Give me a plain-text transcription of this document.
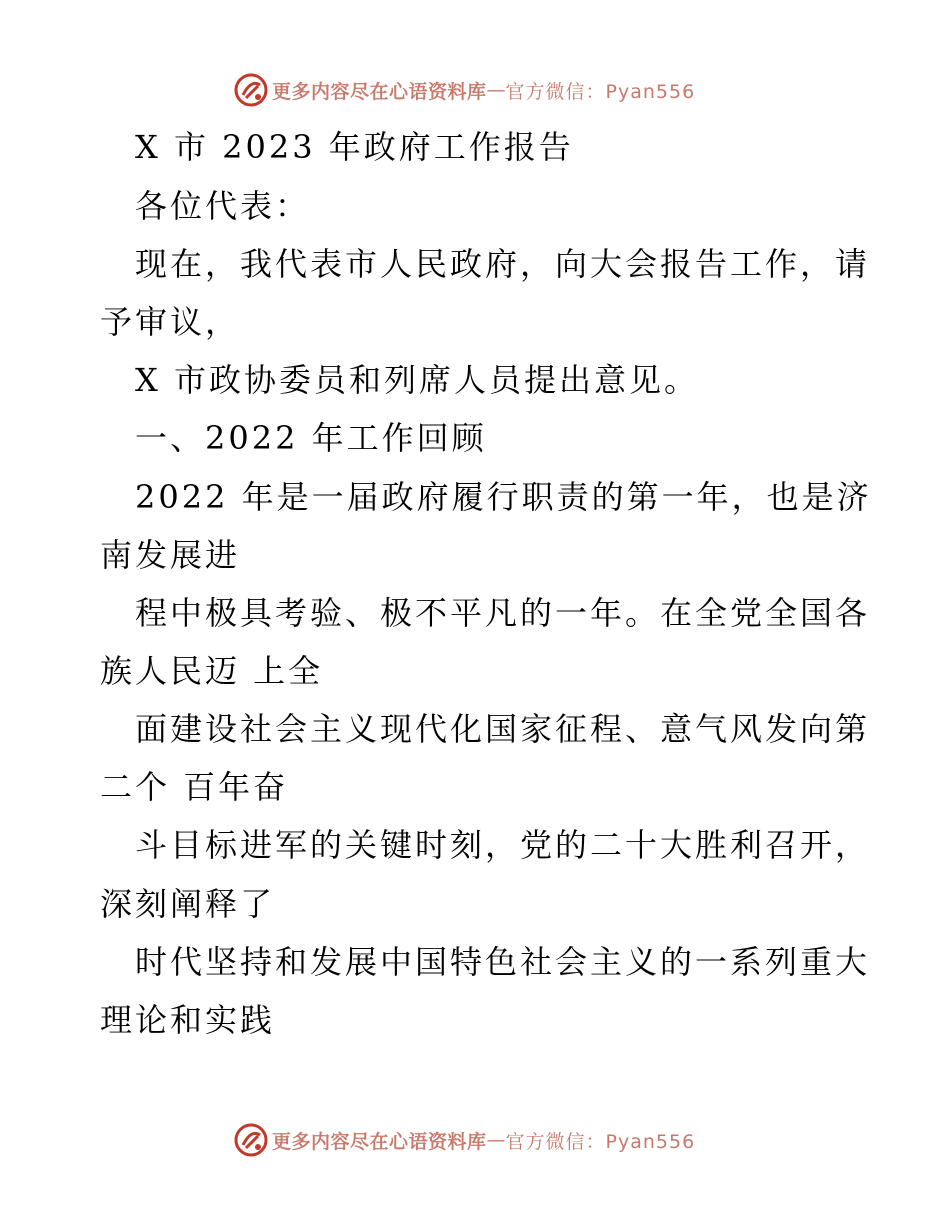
更多内容尽在心语资料库 — 官方微信：Pyan556
X 市 2023 年政府工作报告
各位代表：
现在，我代表市人民政府，向大会报告工作，请
予审议，
X 市政协委员和列席人员提出意见。
一、2022 年工作回顾
2022 年是一届政府履行职责的第一年，也是济
南发展进
程中极具考验、极不平凡的一年。在全党全国各
族人民迈 上全
面建设社会主义现代化国家征程、意气风发向第
二个 百年奋
斗目标进军的关键时刻，党的二十大胜利召开，
深刻阐释了
时代坚持和发展中国特色社会主义的一系列重大
理论和实践
更多内容尽在心语资料库 — 官方微信：Pyan556
